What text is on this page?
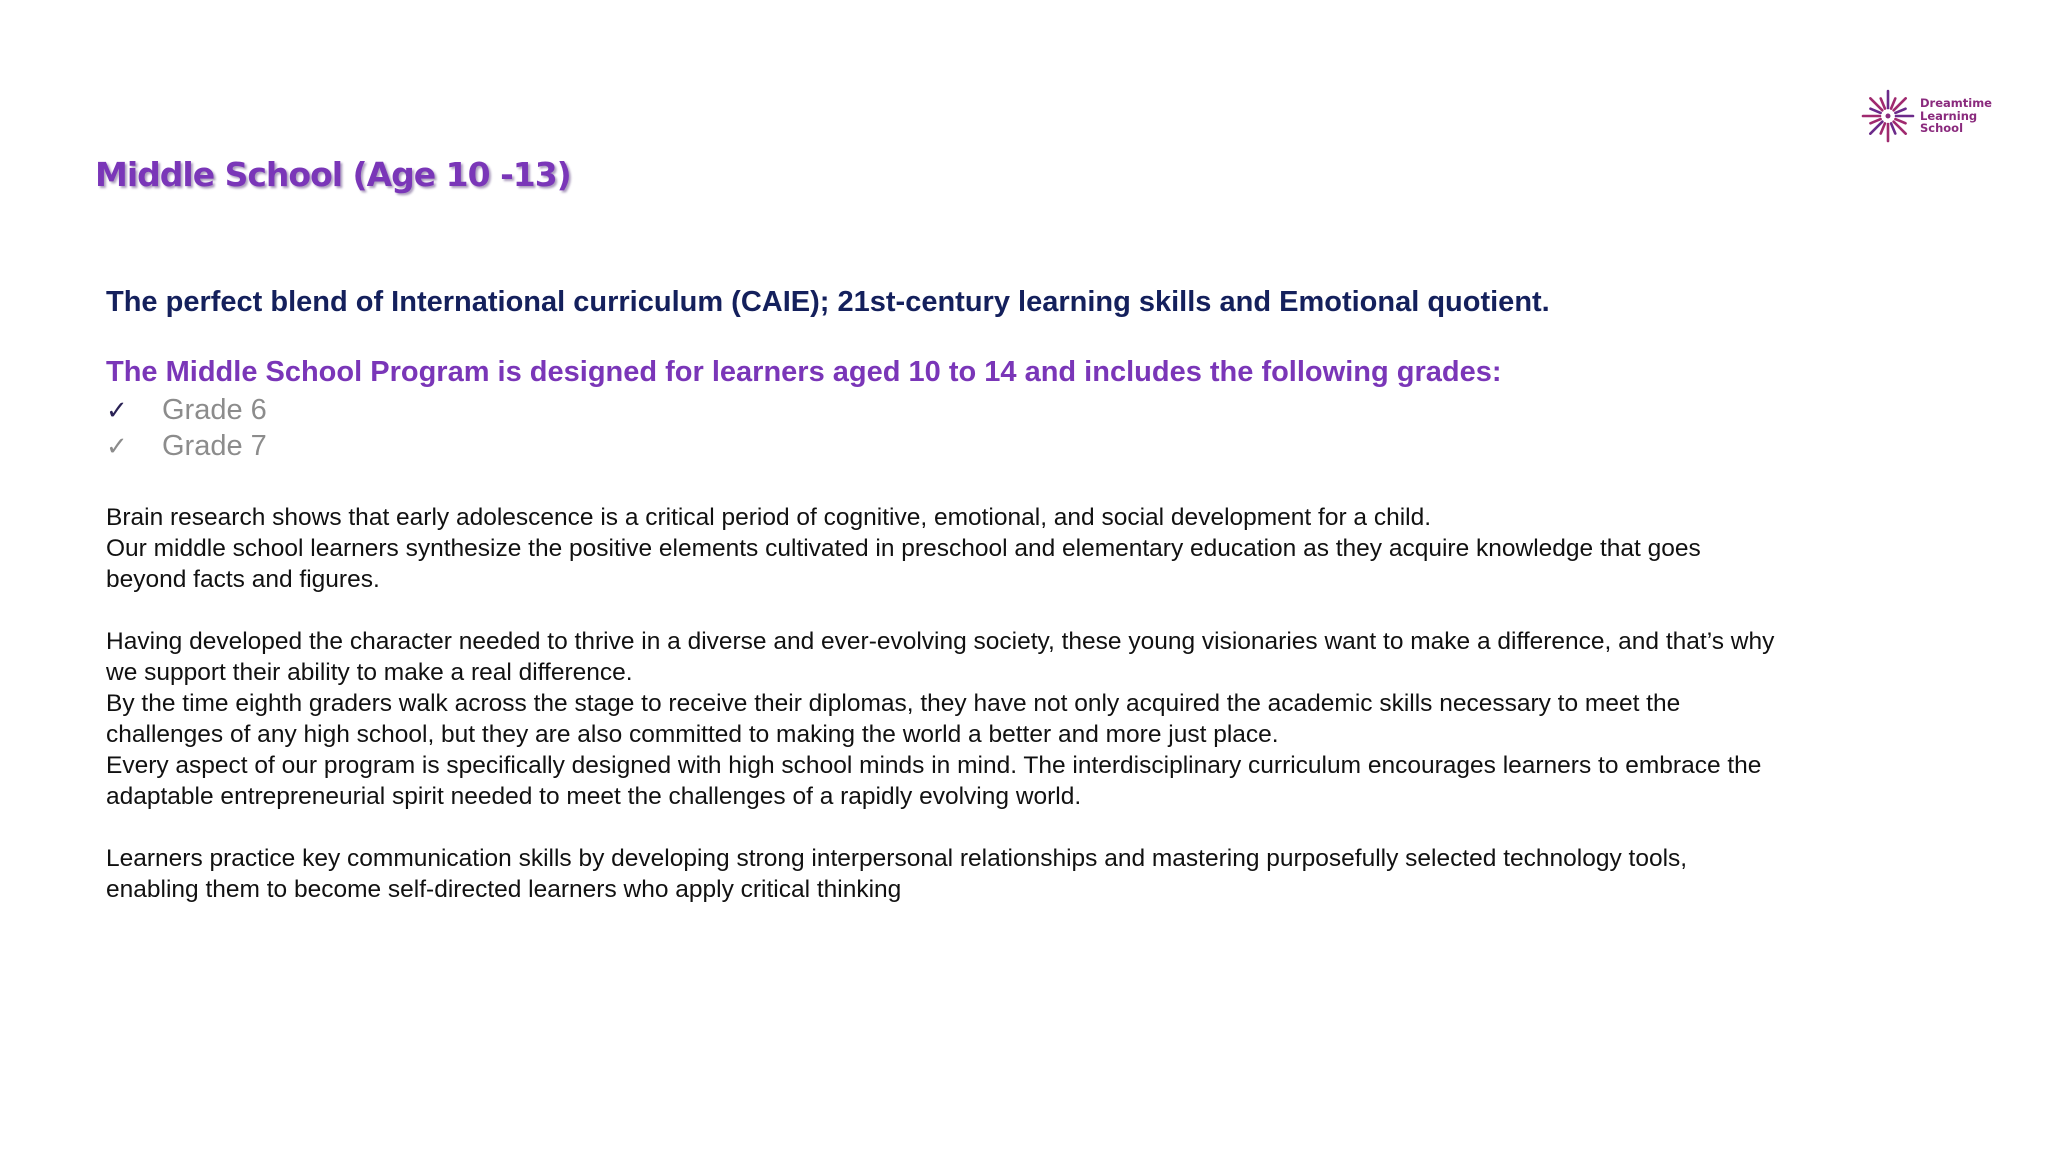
Dreamtime
Learning
School
Middle School (Age 10 -13)

The perfect blend of International curriculum (CAIE); 21st-century learning skills and Emotional quotient.

The Middle School Program is designed for learners aged 10 to 14 and includes the following grades:

✓	Grade 6
✓	Grade 7

Brain research shows that early adolescence is a critical period of cognitive, emotional, and social development for a child.

Our middle school learners synthesize the positive elements cultivated in preschool and elementary education as they acquire knowledge that goes beyond facts and figures.

Having developed the character needed to thrive in a diverse and ever-evolving society, these young visionaries want to make a difference, and that’s why we support their ability to make a real difference.

By the time eighth graders walk across the stage to receive their diplomas, they have not only acquired the academic skills necessary to meet the challenges of any high school, but they are also committed to making the world a better and more just place.

Every aspect of our program is specifically designed with high school minds in mind. The interdisciplinary curriculum encourages learners to embrace the adaptable entrepreneurial spirit needed to meet the challenges of a rapidly evolving world.

Learners practice key communication skills by developing strong interpersonal relationships and mastering purposefully selected technology tools, enabling them to become self-directed learners who apply critical thinking
